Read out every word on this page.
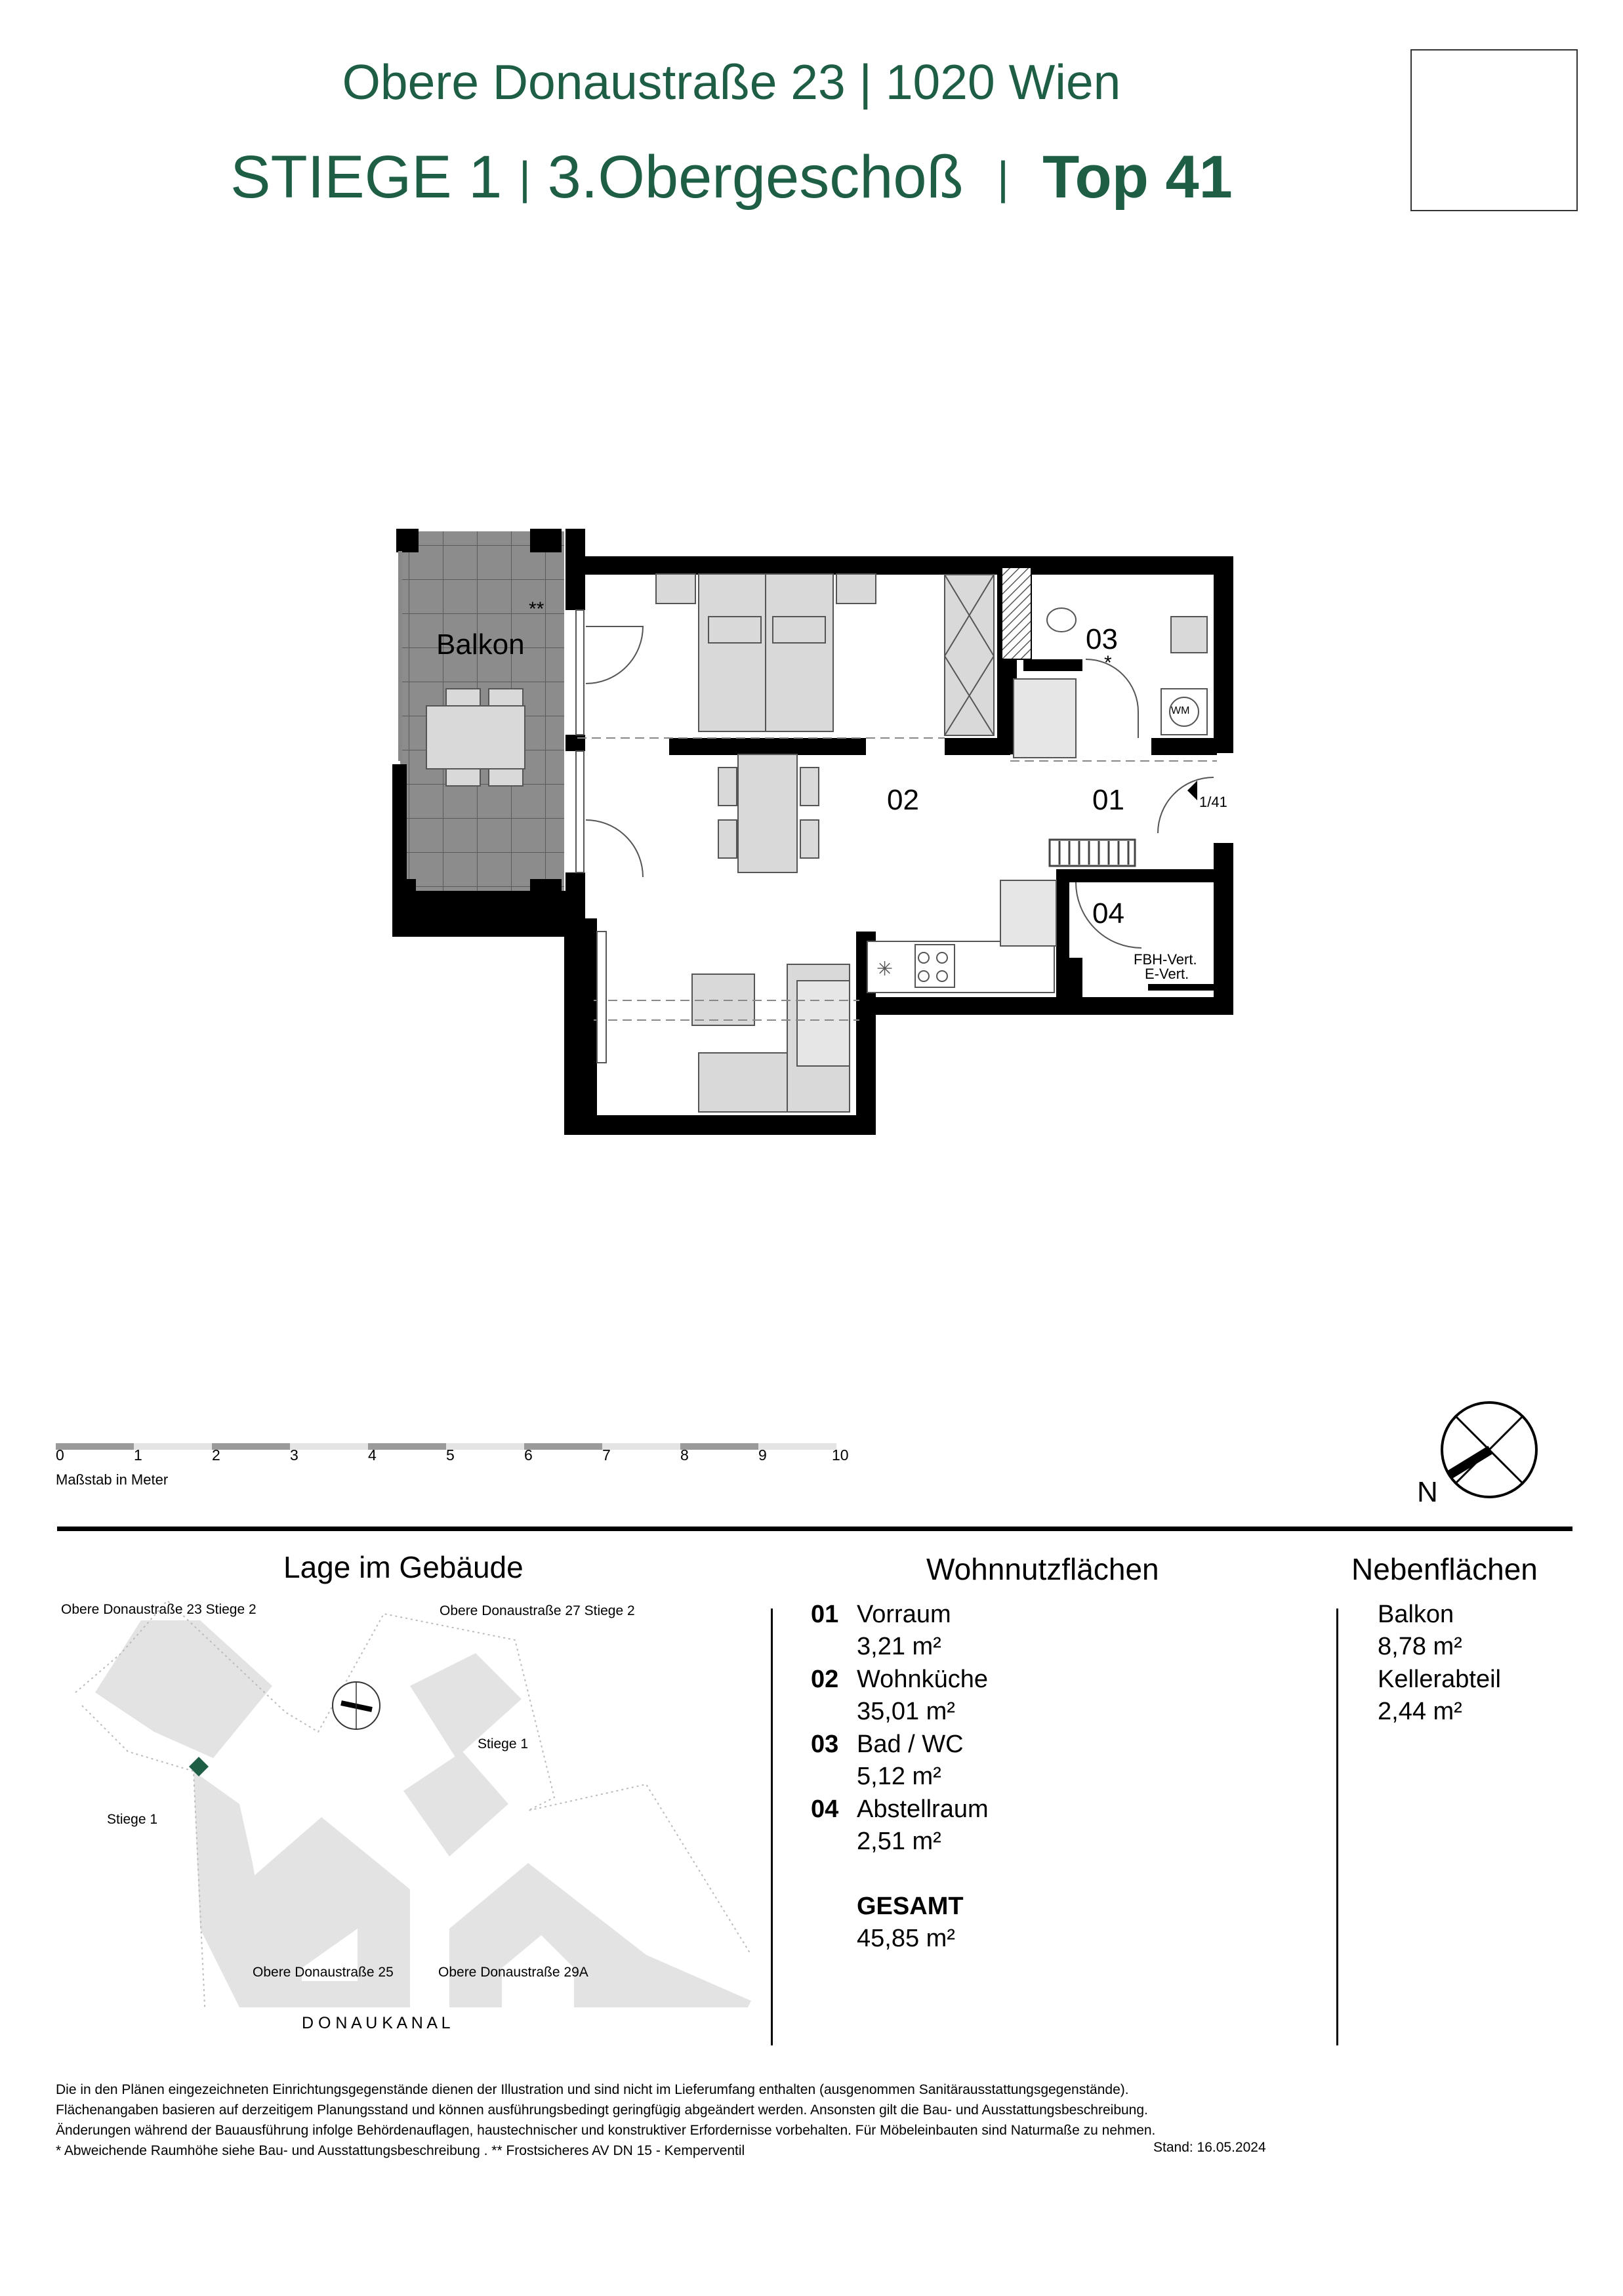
Obere Donaustraße 23 | 1020 Wien
STIEGE 1 | 3.Obergeschoß | Top 41
✳
Balkon
**
03
*
WM
02	01	1/41
04
FBH-Vert.
E-Vert.
0	1	2	3	4	5	6	7	8	9	10
Maßstab in Meter	N
Lage im Gebäude	Wohnnutzflächen	Nebenflächen
Obere Donaustraße 23 Stiege 2	Obere Donaustraße 27 Stiege 2
Stiege 1
Stiege 1
Obere Donaustraße 25	Obere Donaustraße 29A
D O N A U K A N A L
01 Vorraum
3,21 m²
02 Wohnküche
35,01 m²
03 Bad / WC
5,12 m²
04 Abstellraum
2,51 m²
GESAMT
45,85 m²
Balkon
8,78 m²
Kellerabteil
2,44 m²
Die in den Plänen eingezeichneten Einrichtungsgegenstände dienen der Illustration und sind nicht im Lieferumfang enthalten (ausgenommen Sanitärausstattungsgegenstände).
Flächenangaben basieren auf derzeitigem Planungsstand und können ausführungsbedingt geringfügig abgeändert werden. Ansonsten gilt die Bau- und Ausstattungsbeschreibung.
Änderungen während der Bauausführung infolge Behördenauflagen, haustechnischer und konstruktiver Erfordernisse vorbehalten. Für Möbeleinbauten sind Naturmaße zu nehmen.
* Abweichende Raumhöhe siehe Bau- und Ausstattungsbeschreibung . ** Frostsicheres AV DN 15 - Kemperventil	Stand: 16.05.2024
